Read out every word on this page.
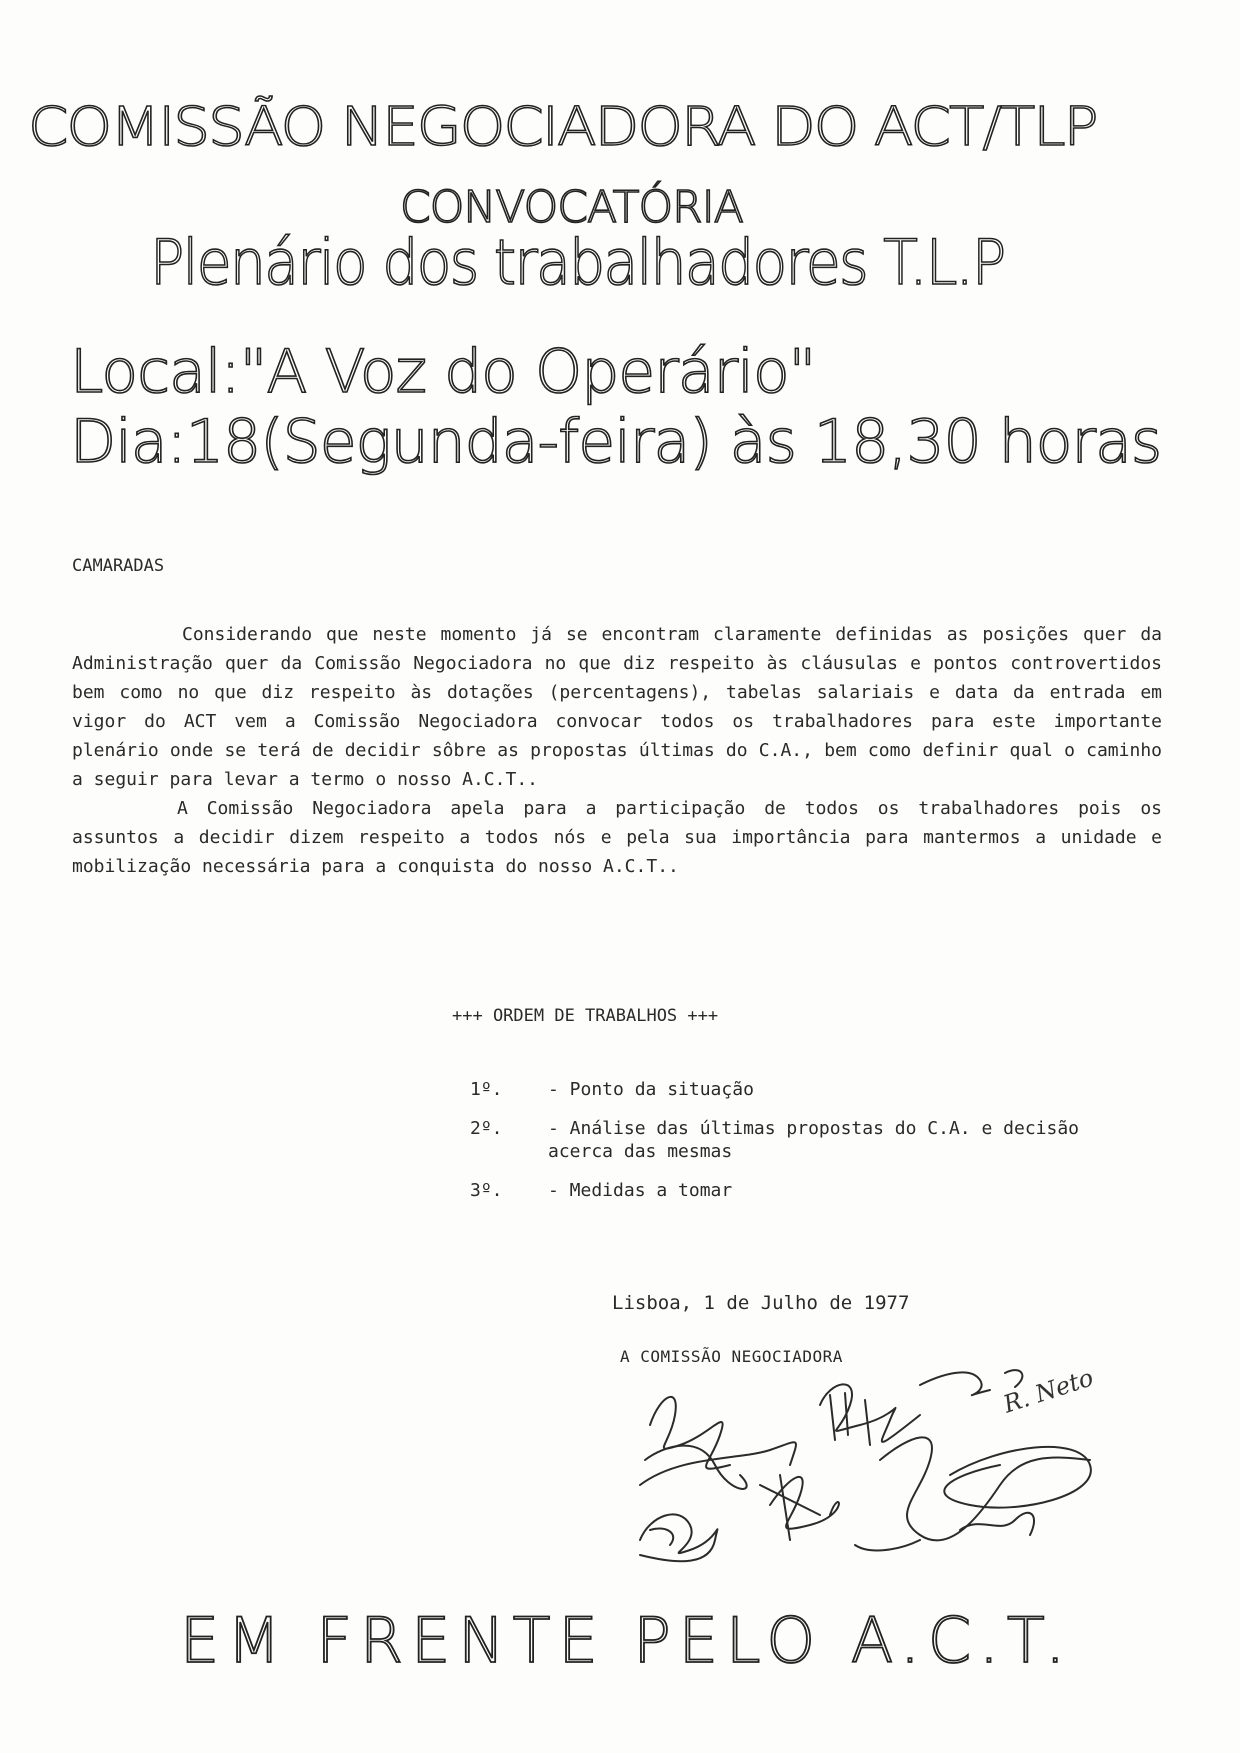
COMISSÃO NEGOCIADORA DO ACT/TLP
CONVOCATÓRIA
Plenário dos trabalhadores T.L.P
Local:"A Voz do Operário"
Dia:18(Segunda-feira) às 18,30 horas
CAMARADAS

Considerando que neste momento já se encontram claramente definidas as posições quer da Administração quer da Comissão Negociadora no que diz respeito às cláusulas e pontos controvertidos bem como no que diz respeito às dotações (percentagens), tabelas salariais e data da entrada em vigor do ACT vem a Comissão Negociadora convocar todos os trabalhadores para este importante plenário onde se terá de decidir sôbre as propostas últimas do C.A., bem como definir qual o caminho a seguir para levar a termo o nosso A.C.T..

A Comissão Negociadora apela para a participação de todos os trabalhadores pois os assuntos a decidir dizem respeito a todos nós e pela sua importância para mantermos a unidade e mobilização necessária para a conquista do nosso A.C.T..

+++ ORDEM DE TRABALHOS +++
1º.	- Ponto da situação
2º.	- Análise das últimas propostas do C.A. e decisão acerca das mesmas
3º.	- Medidas a tomar
Lisboa, 1 de Julho de 1977
A COMISSÃO NEGOCIADORA
R. Neto
EM FRENTE PELO A.C.T.
